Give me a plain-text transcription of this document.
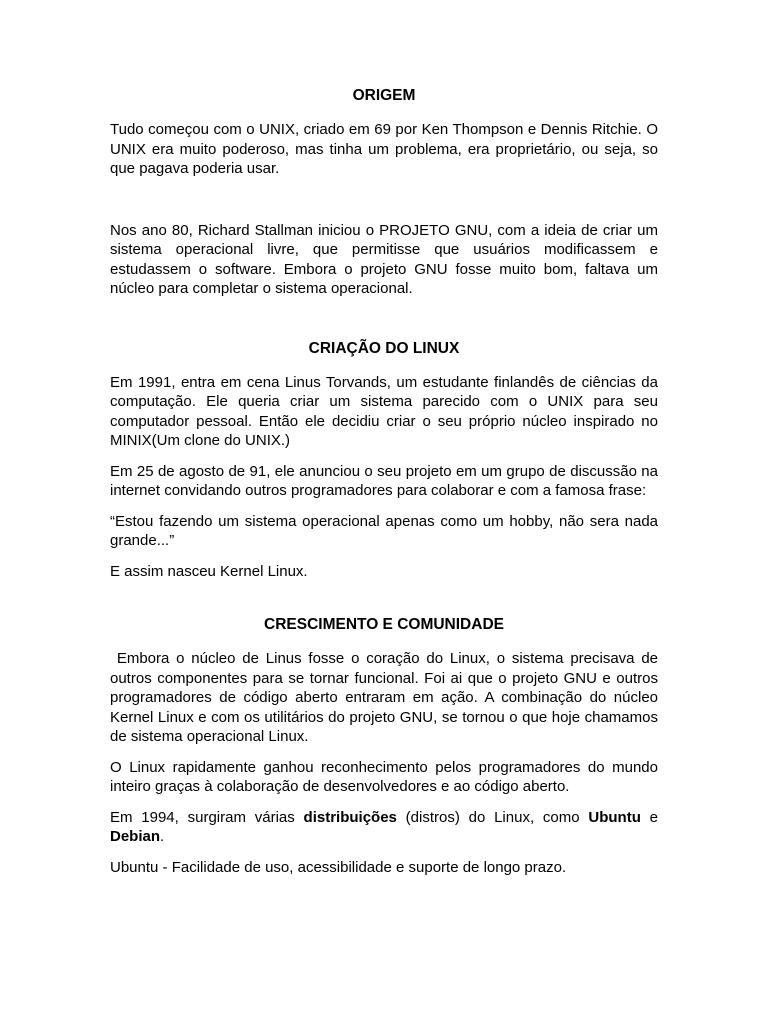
ORIGEM

Tudo começou com o UNIX, criado em 69 por Ken Thompson e Dennis Ritchie. O UNIX era muito poderoso, mas tinha um problema, era proprietário, ou seja, so que pagava poderia usar.

Nos ano 80, Richard Stallman iniciou o PROJETO GNU, com a ideia de criar um sistema operacional livre, que permitisse que usuários modificassem e estudassem o software. Embora o projeto GNU fosse muito bom, faltava um núcleo para completar o sistema operacional.

CRIAÇÃO DO LINUX

Em 1991, entra em cena Linus Torvands, um estudante finlandês de ciências da computação. Ele queria criar um sistema parecido com o UNIX para seu computador pessoal. Então ele decidiu criar o seu próprio núcleo inspirado no MINIX(Um clone do UNIX.)

Em 25 de agosto de 91, ele anunciou o seu projeto em um grupo de discussão na internet convidando outros programadores para colaborar e com a famosa frase:

“Estou fazendo um sistema operacional apenas como um hobby, não sera nada grande...”

E assim nasceu Kernel Linux.

CRESCIMENTO E COMUNIDADE

Embora o núcleo de Linus fosse o coração do Linux, o sistema precisava de outros componentes para se tornar funcional. Foi ai que o projeto GNU e outros programadores de código aberto entraram em ação. A combinação do núcleo Kernel Linux e com os utilitários do projeto GNU, se tornou o que hoje chamamos de sistema operacional Linux.

O Linux rapidamente ganhou reconhecimento pelos programadores do mundo inteiro graças à colaboração de desenvolvedores e ao código aberto.

Em 1994, surgiram várias distribuições (distros) do Linux, como Ubuntu e Debian.

Ubuntu - Facilidade de uso, acessibilidade e suporte de longo prazo.
